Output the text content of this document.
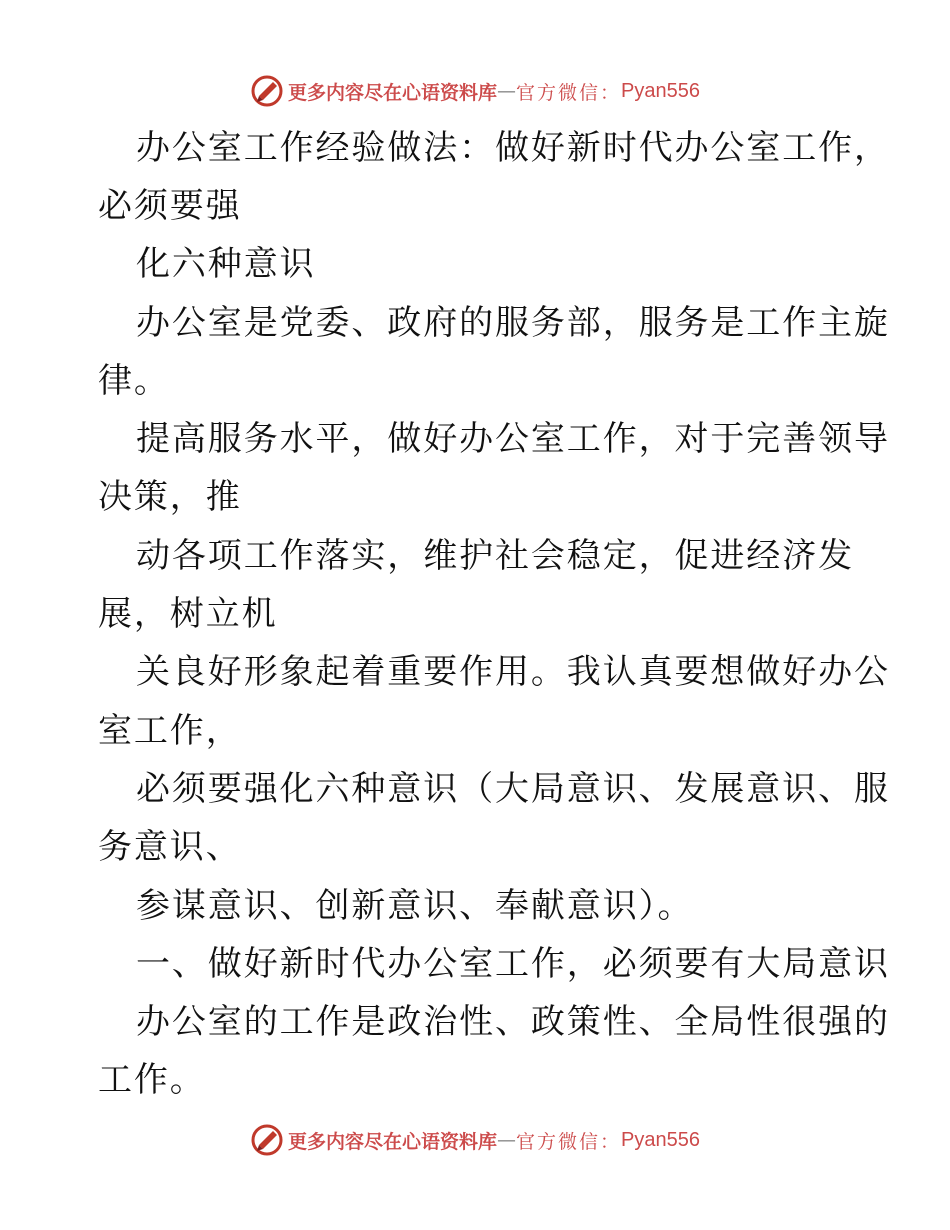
更多内容尽在心语资料库 — 官方微信： Pyan556
办公室工作经验做法：做好新时代办公室工作，
必须要强
化六种意识
办公室是党委、政府的服务部，服务是工作主旋
律。
提高服务水平，做好办公室工作，对于完善领导
决策，推
动各项工作落实，维护社会稳定，促进经济发
展，树立机
关良好形象起着重要作用。我认真要想做好办公
室工作，
必须要强化六种意识（大局意识、发展意识、服
务意识、
参谋意识、创新意识、奉献意识）。
一、做好新时代办公室工作，必须要有大局意识
办公室的工作是政治性、政策性、全局性很强的
工作。
更多内容尽在心语资料库 — 官方微信： Pyan556
